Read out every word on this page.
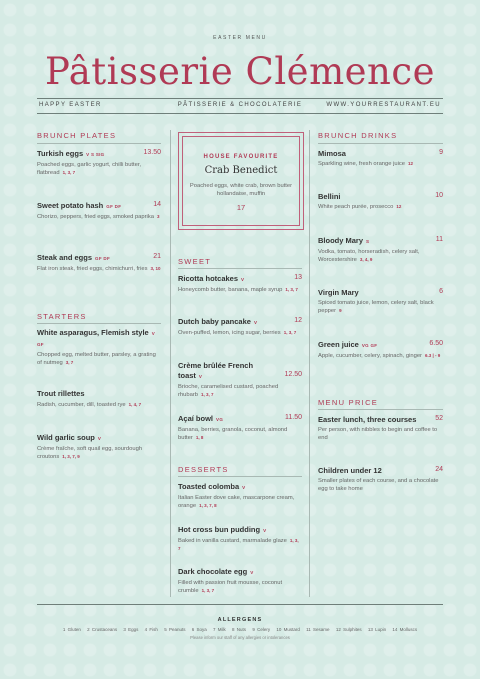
EASTER MENU
Pâtisserie Clémence
HAPPY EASTER	PÂTISSERIE & CHOCOLATERIE	WWW.YOURRESTAURANT.EU
BRUNCH PLATES
Turkish eggs V S SIG
Poached eggs, garlic yogurt, chilli butter, flatbread 1, 3, 7
13.50
Sweet potato hash GF DF
Chorizo, peppers, fried eggs, smoked paprika 3
14
Steak and eggs GF DF
Flat iron steak, fried eggs, chimichurri, fries 3, 10
21
STARTERS
White asparagus, Flemish style V GF
Chopped egg, melted butter, parsley, a grating of nutmeg 3, 7
Trout rillettes
Radish, cucumber, dill, toasted rye 1, 4, 7
Wild garlic soup V
Crème fraîche, soft quail egg, sourdough croutons 1, 3, 7, 9
HOUSE FAVOURITE
Crab Benedict
Poached eggs, white crab, brown butter hollandaise, muffin
17
SWEET
Ricotta hotcakes V
Honeycomb butter, banana, maple syrup 1, 3, 7
13
Dutch baby pancake V
Oven-puffed, lemon, icing sugar, berries 1, 3, 7
12
Crème brûlée French toast V
Brioche, caramelised custard, poached rhubarb 1, 3, 7
12.50
Açaí bowl VG
Banana, berries, granola, coconut, almond butter 1, 8
11.50
DESSERTS
Toasted colomba V
Italian Easter dove cake, mascarpone cream, orange 1, 3, 7, 8
Hot cross bun pudding V
Baked in vanilla custard, marmalade glaze 1, 3, 7
Dark chocolate egg V
Filled with passion fruit mousse, coconut crumble 1, 3, 7
BRUNCH DRINKS
Mimosa
Sparkling wine, fresh orange juice 12
9
Bellini
White peach purée, prosecco 12
10
Bloody Mary S
Vodka, tomato, horseradish, celery salt, Worcestershire 3, 4, 9
11
Virgin Mary
Spiced tomato juice, lemon, celery salt, black pepper 9
6
Green juice VG GF
Apple, cucumber, celery, spinach, ginger 6.3 | - 9
6.50
MENU PRICE
Easter lunch, three courses
Per person, with nibbles to begin and coffee to end
52
Children under 12
Smaller plates of each course, and a chocolate egg to take home
24
ALLERGENS
1 Gluten 2 Crustaceans 3 Eggs 4 Fish 5 Peanuts 6 Soya 7 Milk 8 Nuts 9 Celery 10 Mustard 11 Sesame 12 Sulphites 13 Lupin 14 Molluscs
Please inform our staff of any allergies or intolerances
